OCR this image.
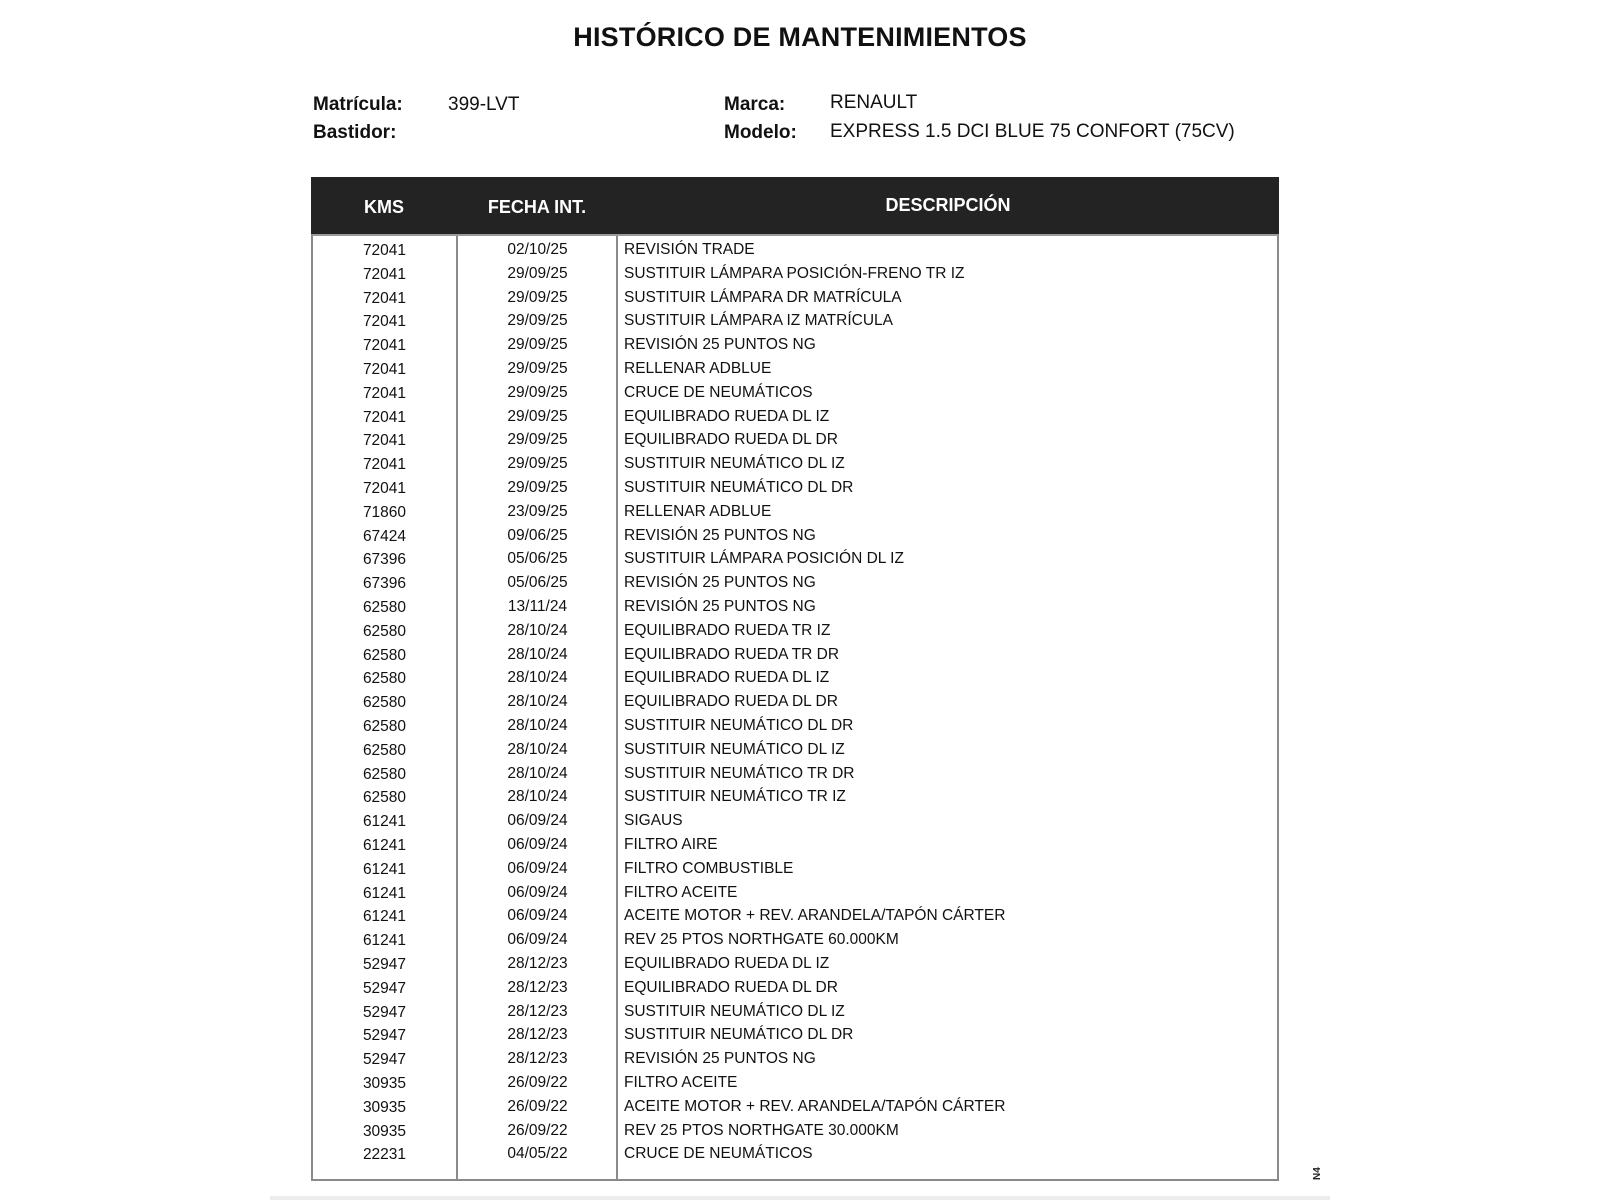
HISTÓRICO DE MANTENIMIENTOS
Matrícula: 399-LVT
Bastidor:
Marca: RENAULT
Modelo: EXPRESS 1.5 DCI BLUE 75 CONFORT (75CV)
KMS	FECHA INT.	DESCRIPCIÓN
72041	02/10/25	REVISIÓN TRADE
72041	29/09/25	SUSTITUIR LÁMPARA POSICIÓN-FRENO TR IZ
72041	29/09/25	SUSTITUIR LÁMPARA DR MATRÍCULA
72041	29/09/25	SUSTITUIR LÁMPARA IZ MATRÍCULA
72041	29/09/25	REVISIÓN 25 PUNTOS NG
72041	29/09/25	RELLENAR ADBLUE
72041	29/09/25	CRUCE DE NEUMÁTICOS
72041	29/09/25	EQUILIBRADO RUEDA DL IZ
72041	29/09/25	EQUILIBRADO RUEDA DL DR
72041	29/09/25	SUSTITUIR NEUMÁTICO DL IZ
72041	29/09/25	SUSTITUIR NEUMÁTICO DL DR
71860	23/09/25	RELLENAR ADBLUE
67424	09/06/25	REVISIÓN 25 PUNTOS NG
67396	05/06/25	SUSTITUIR LÁMPARA POSICIÓN DL IZ
67396	05/06/25	REVISIÓN 25 PUNTOS NG
62580	13/11/24	REVISIÓN 25 PUNTOS NG
62580	28/10/24	EQUILIBRADO RUEDA TR IZ
62580	28/10/24	EQUILIBRADO RUEDA TR DR
62580	28/10/24	EQUILIBRADO RUEDA DL IZ
62580	28/10/24	EQUILIBRADO RUEDA DL DR
62580	28/10/24	SUSTITUIR NEUMÁTICO DL DR
62580	28/10/24	SUSTITUIR NEUMÁTICO DL IZ
62580	28/10/24	SUSTITUIR NEUMÁTICO TR DR
62580	28/10/24	SUSTITUIR NEUMÁTICO TR IZ
61241	06/09/24	SIGAUS
61241	06/09/24	FILTRO AIRE
61241	06/09/24	FILTRO COMBUSTIBLE
61241	06/09/24	FILTRO ACEITE
61241	06/09/24	ACEITE MOTOR + REV. ARANDELA/TAPÓN CÁRTER
61241	06/09/24	REV 25 PTOS NORTHGATE 60.000KM
52947	28/12/23	EQUILIBRADO RUEDA DL IZ
52947	28/12/23	EQUILIBRADO RUEDA DL DR
52947	28/12/23	SUSTITUIR NEUMÁTICO DL IZ
52947	28/12/23	SUSTITUIR NEUMÁTICO DL DR
52947	28/12/23	REVISIÓN 25 PUNTOS NG
30935	26/09/22	FILTRO ACEITE
30935	26/09/22	ACEITE MOTOR + REV. ARANDELA/TAPÓN CÁRTER
30935	26/09/22	REV 25 PTOS NORTHGATE 30.000KM
22231	04/05/22	CRUCE DE NEUMÁTICOS
N4
